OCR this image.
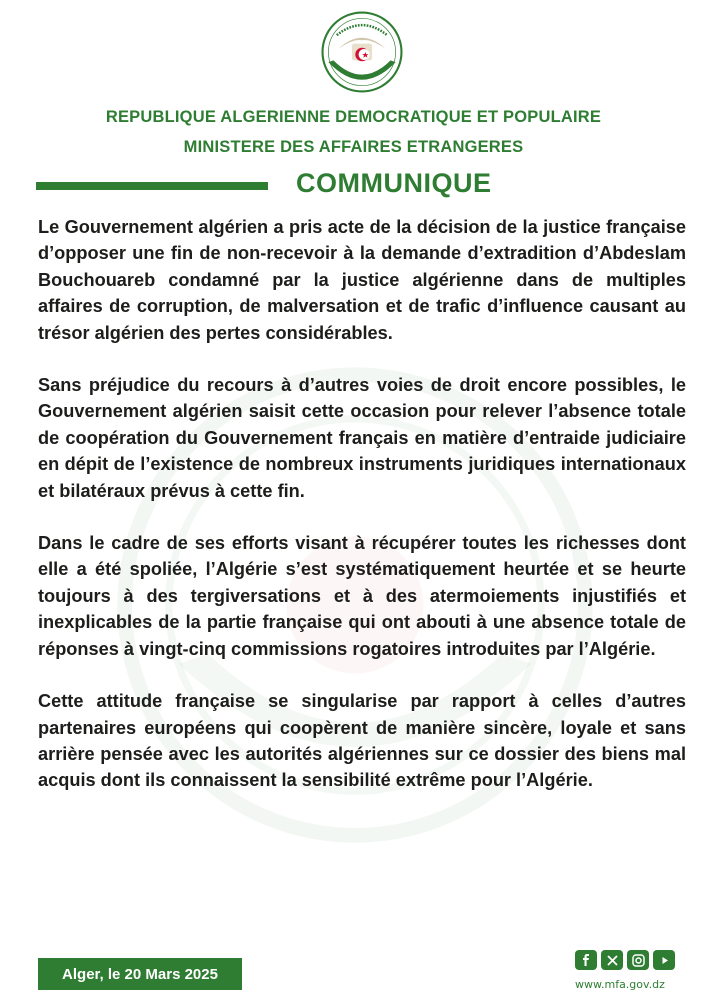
REPUBLIQUE ALGERIENNE DEMOCRATIQUE ET POPULAIRE
MINISTERE DES AFFAIRES ETRANGERES
COMMUNIQUE

Le Gouvernement algérien a pris acte de la décision de la justice française d’opposer une fin de non-recevoir à la demande d’extradition d’Abdeslam Bouchouareb condamné par la justice algérienne dans de multiples affaires de corruption, de malversation et de trafic d’influence causant au trésor algérien des pertes considérables.

Sans préjudice du recours à d’autres voies de droit encore possibles, le Gouvernement algérien saisit cette occasion pour relever l’absence totale de coopération du Gouvernement français en matière d’entraide judiciaire en dépit de l’existence de nombreux instruments juridiques internationaux et bilatéraux prévus à cette fin.

Dans le cadre de ses efforts visant à récupérer toutes les richesses dont elle a été spoliée, l’Algérie s’est systématiquement heurtée et se heurte toujours à des tergiversations et à des atermoiements injustifiés et inexplicables de la partie française qui ont abouti à une absence totale de réponses à vingt-cinq commissions rogatoires introduites par l’Algérie.

Cette attitude française se singularise par rapport à celles d’autres partenaires européens qui coopèrent de manière sincère, loyale et sans arrière pensée avec les autorités algériennes sur ce dossier des biens mal acquis dont ils connaissent la sensibilité extrême pour l’Algérie.

Alger, le 20 Mars 2025
www.mfa.gov.dz
